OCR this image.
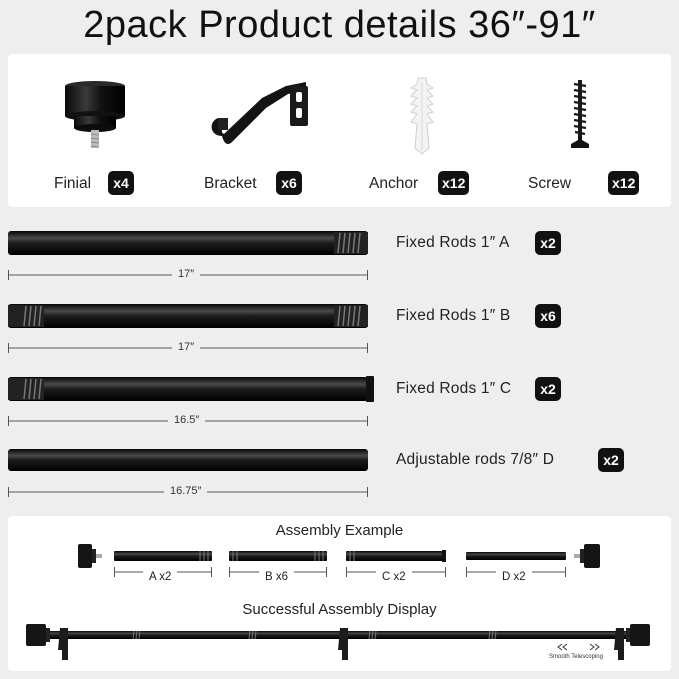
2pack Product details 36″-91″
Finial	x4	Bracket	x6	Anchor x12	Screw	x12
17″
Fixed Rods 1″ A	x2
17″
Fixed Rods 1″ B	x6
16.5″
Fixed Rods 1″ C	x2
16.75″
Adjustable rods 7/8″ D	x2
Assembly Example
A x2	B x6	C x2	D x2
Successful Assembly Display
Smooth Telescoping
